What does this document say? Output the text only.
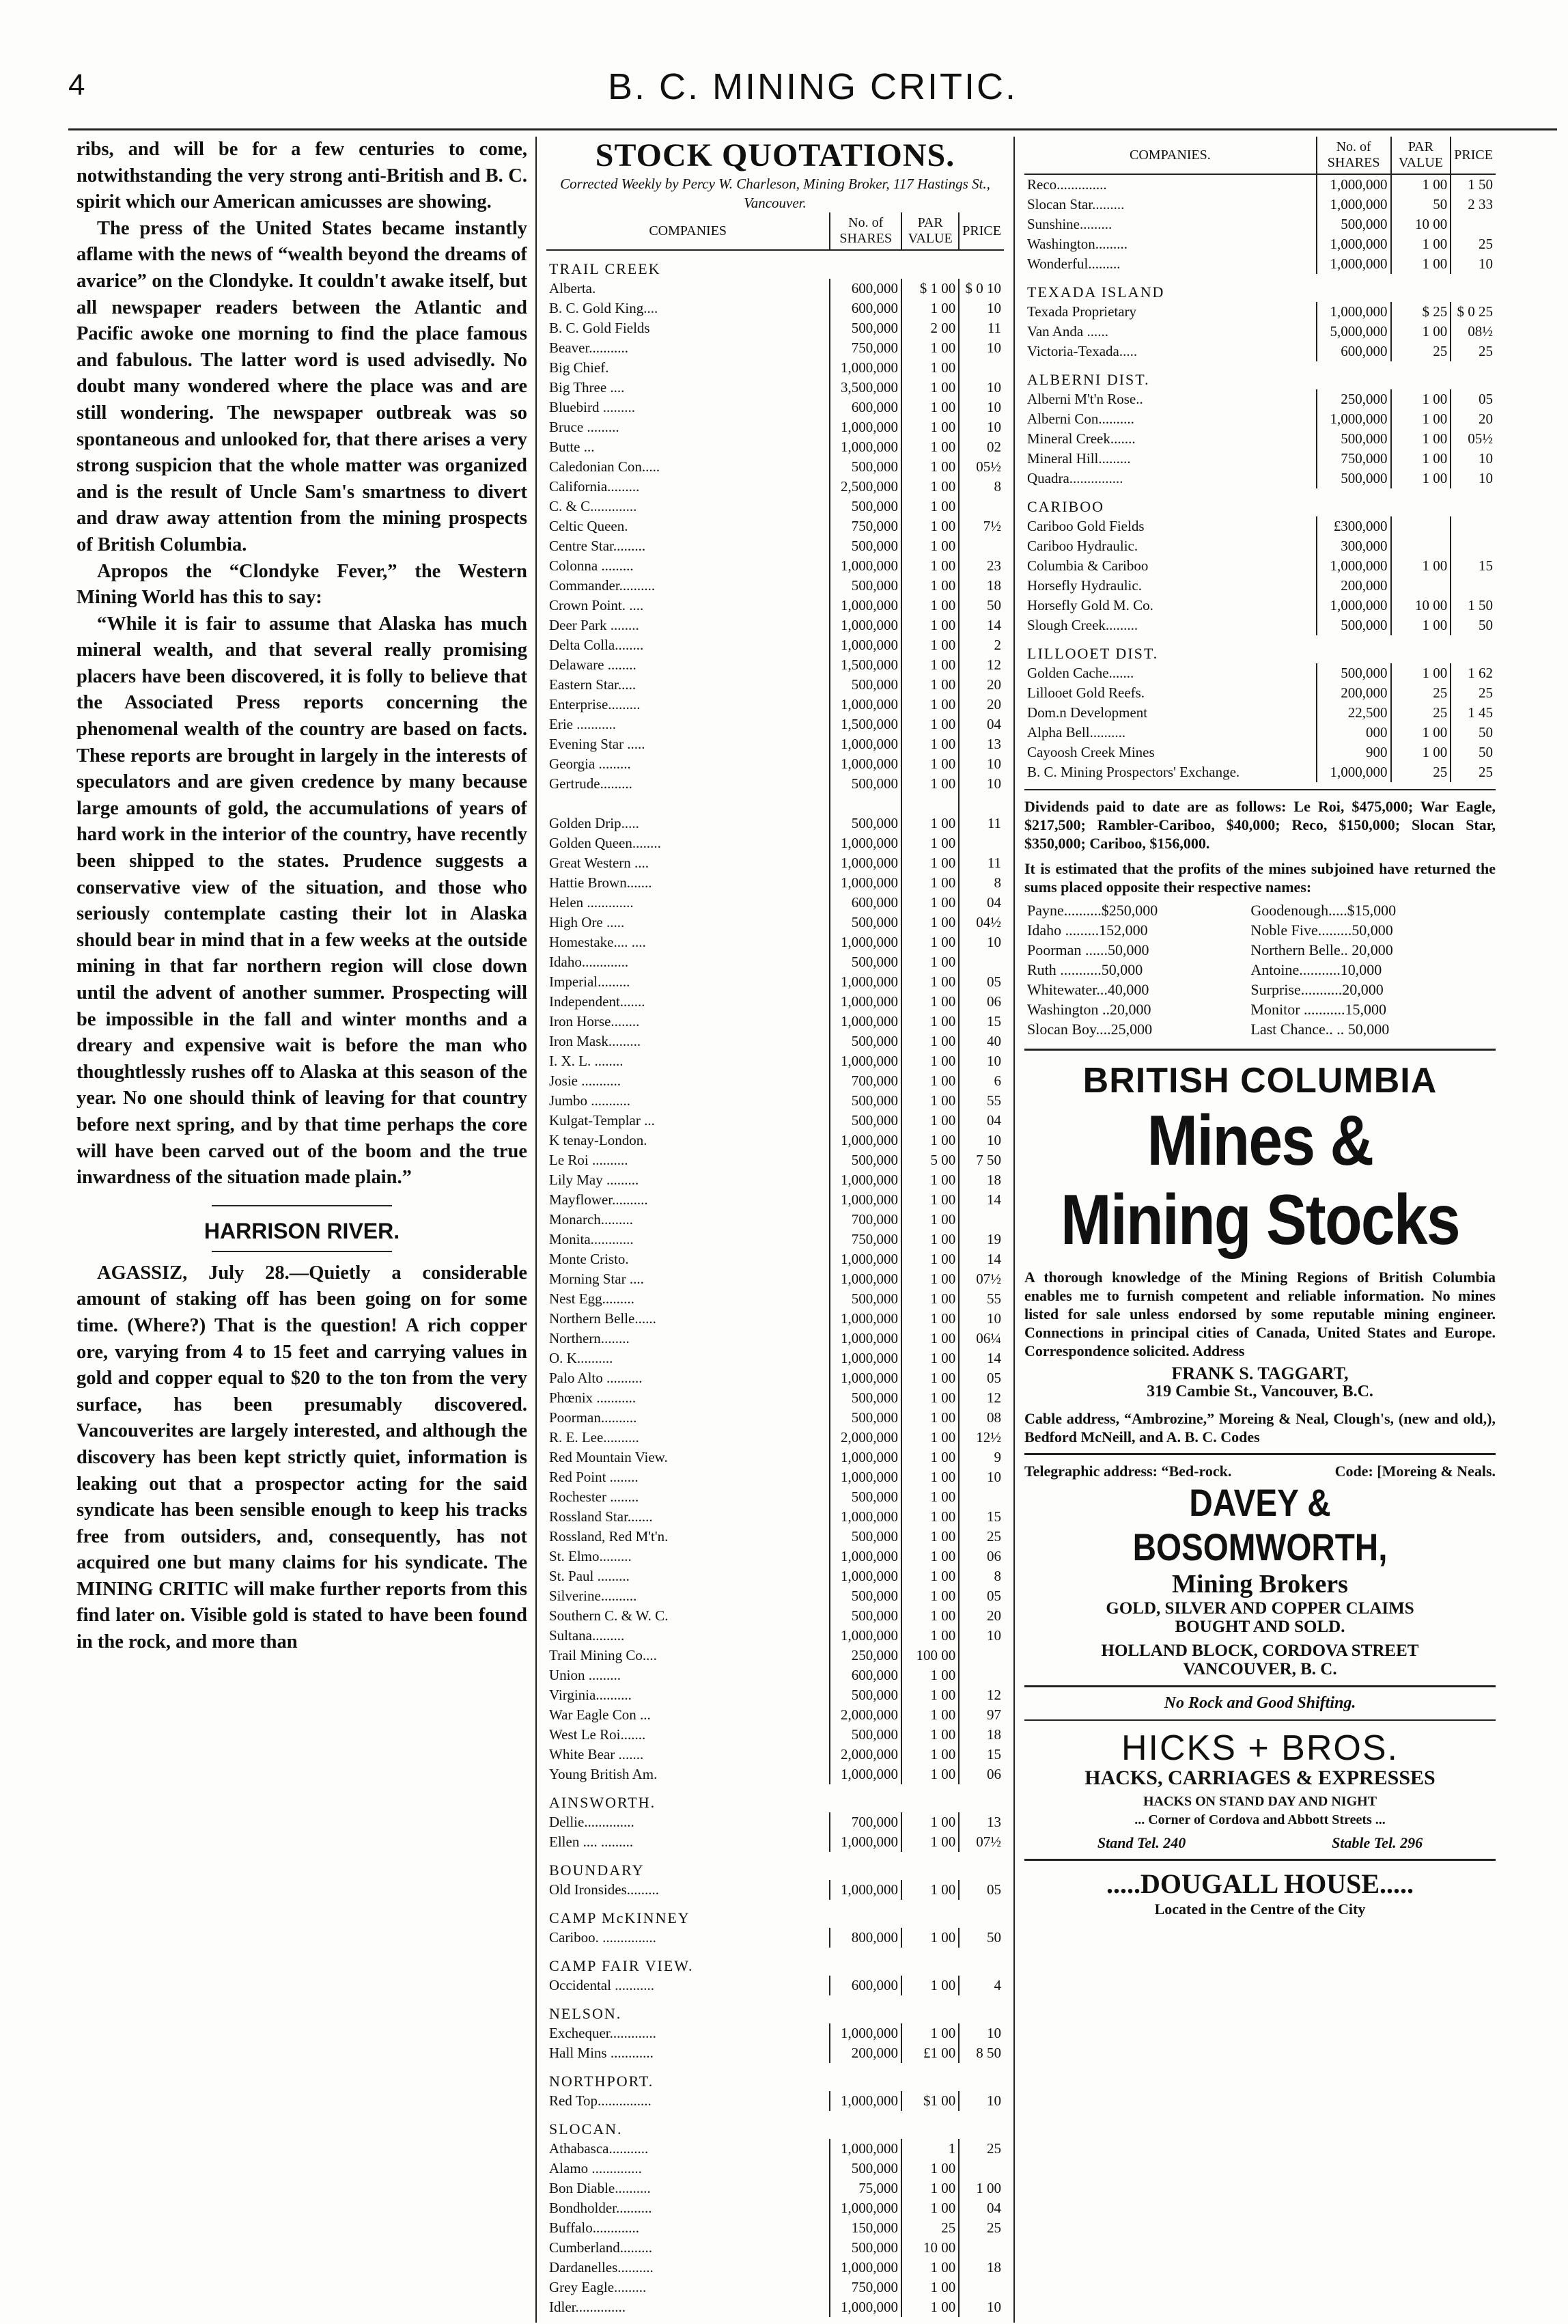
4	B. C. MINING CRITIC.

ribs, and will be for a few centuries to come, notwithstanding the very strong anti-British and B. C. spirit which our American amicusses are showing.

The press of the United States became instantly aflame with the news of “wealth beyond the dreams of avarice” on the Clondyke. It couldn't awake itself, but all newspaper readers between the Atlantic and Pacific awoke one morning to find the place famous and fabulous. The latter word is used advisedly. No doubt many wondered where the place was and are still wondering. The newspaper outbreak was so spontaneous and unlooked for, that there arises a very strong suspicion that the whole matter was organized and is the result of Uncle Sam's smartness to divert and draw away attention from the mining prospects of British Columbia.

Apropos the “Clondyke Fever,” the Western Mining World has this to say:

“While it is fair to assume that Alaska has much mineral wealth, and that several really promising placers have been discovered, it is folly to believe that the Associated Press reports concerning the phenomenal wealth of the country are based on facts. These reports are brought in largely in the interests of speculators and are given credence by many because large amounts of gold, the accumulations of years of hard work in the interior of the country, have recently been shipped to the states. Prudence suggests a conservative view of the situation, and those who seriously contemplate casting their lot in Alaska should bear in mind that in a few weeks at the outside mining in that far northern region will close down until the advent of another summer. Prospecting will be impossible in the fall and winter months and a dreary and expensive wait is before the man who thoughtlessly rushes off to Alaska at this season of the year. No one should think of leaving for that country before next spring, and by that time perhaps the core will have been carved out of the boom and the true inwardness of the situation made plain.”

HARRISON RIVER.

AGASSIZ, July 28.—Quietly a considerable amount of staking off has been going on for some time. (Where?) That is the question! A rich copper ore, varying from 4 to 15 feet and carrying values in gold and copper equal to $20 to the ton from the very surface, has been presumably discovered. Vancouverites are largely interested, and although the discovery has been kept strictly quiet, information is leaking out that a prospector acting for the said syndicate has been sensible enough to keep his tracks free from outsiders, and, consequently, has not acquired one but many claims for his syndicate. The MINING CRITIC will make further reports from this find later on. Visible gold is stated to have been found in the rock, and more than

STOCK QUOTATIONS.
Corrected Weekly by Percy W. Charleson, Mining Broker, 117 Hastings St., Vancouver.
COMPANIES	No. of SHARES	PAR VALUE	PRICE
TRAIL CREEK			
Alberta.	600,000	$ 1 00	$ 0 10
B. C. Gold King....	600,000	1 00	10
B. C. Gold Fields	500,000	2 00	11
Beaver...........	750,000	1 00	10
Big Chief.	1,000,000	1 00	
Big Three ....	3,500,000	1 00	10
Bluebird .........	600,000	1 00	10
Bruce .........	1,000,000	1 00	10
Butte ...	1,000,000	1 00	02
Caledonian Con.....	500,000	1 00	05½
California.........	2,500,000	1 00	8
C. & C.............	500,000	1 00	
Celtic Queen.	750,000	1 00	7½
Centre Star.........	500,000	1 00	
Colonna .........	1,000,000	1 00	23
Commander..........	500,000	1 00	18
Crown Point. ....	1,000,000	1 00	50
Deer Park ........	1,000,000	1 00	14
Delta Colla........	1,000,000	1 00	2
Delaware ........	1,500,000	1 00	12
Eastern Star.....	500,000	1 00	20
Enterprise.........	1,000,000	1 00	20
Erie ...........	1,500,000	1 00	04
Evening Star .....	1,000,000	1 00	13
Georgia .........	1,000,000	1 00	10
Gertrude.........	500,000	1 00	10

Golden Drip.....	500,000	1 00	11
Golden Queen........	1,000,000	1 00	
Great Western ....	1,000,000	1 00	11
Hattie Brown.......	1,000,000	1 00	8
Helen .............	600,000	1 00	04
High Ore .....	500,000	1 00	04½
Homestake.... ....	1,000,000	1 00	10
Idaho.............	500,000	1 00	
Imperial.........	1,000,000	1 00	05
Independent.......	1,000,000	1 00	06
Iron Horse........	1,000,000	1 00	15
Iron Mask.........	500,000	1 00	40
I. X. L. ........	1,000,000	1 00	10
Josie ...........	700,000	1 00	6
Jumbo ...........	500,000	1 00	55
Kulgat-Templar ...	500,000	1 00	04
K tenay-London.	1,000,000	1 00	10
Le Roi ..........	500,000	5 00	7 50
Lily May .........	1,000,000	1 00	18
Mayflower..........	1,000,000	1 00	14
Monarch.........	700,000	1 00	
Monita............	750,000	1 00	19
Monte Cristo.	1,000,000	1 00	14
Morning Star ....	1,000,000	1 00	07½
Nest Egg.........	500,000	1 00	55
Northern Belle......	1,000,000	1 00	10
Northern........	1,000,000	1 00	06¼
O. K..........	1,000,000	1 00	14
Palo Alto ..........	1,000,000	1 00	05
Phœnix ...........	500,000	1 00	12
Poorman..........	500,000	1 00	08
R. E. Lee..........	2,000,000	1 00	12½
Red Mountain View.	1,000,000	1 00	9
Red Point ........	1,000,000	1 00	10
Rochester ........	500,000	1 00	
Rossland Star.......	1,000,000	1 00	15
Rossland, Red M't'n.	500,000	1 00	25
St. Elmo.........	1,000,000	1 00	06
St. Paul .........	1,000,000	1 00	8
Silverine..........	500,000	1 00	05
Southern C. & W. C.	500,000	1 00	20
Sultana.........	1,000,000	1 00	10
Trail Mining Co....	250,000	100 00	
Union .........	600,000	1 00	
Virginia..........	500,000	1 00	12
War Eagle Con ...	2,000,000	1 00	97
West Le Roi.......	500,000	1 00	18
White Bear .......	2,000,000	1 00	15
Young British Am.	1,000,000	1 00	06
AINSWORTH.			
Dellie..............	700,000	1 00	13
Ellen .... .........	1,000,000	1 00	07½
BOUNDARY			
Old Ironsides.........	1,000,000	1 00	05
CAMP McKINNEY			
Cariboo. ...............	800,000	1 00	50
CAMP FAIR VIEW.			
Occidental ...........	600,000	1 00	4
NELSON.			
Exchequer.............	1,000,000	1 00	10
Hall Mins ............	200,000	£1 00	8 50
NORTHPORT.			
Red Top...............	1,000,000	$1 00	10
SLOCAN.			
Athabasca...........	1,000,000	1	25
Alamo ..............	500,000	1 00	
Bon Diable..........	75,000	1 00	1 00
Bondholder..........	1,000,000	1 00	04
Buffalo.............	150,000	25	25
Cumberland.........	500,000	10 00	
Dardanelles..........	1,000,000	1 00	18
Grey Eagle.........	750,000	1 00	
Idler..............	1,000,000	1 00	10
COMPANIES.	No. of SHARES	PAR VALUE	PRICE
Reco..............	1,000,000	1 00	1 50
Slocan Star.........	1,000,000	50	2 33
Sunshine.........	500,000	10 00	
Washington.........	1,000,000	1 00	25
Wonderful.........	1,000,000	1 00	10
TEXADA ISLAND			
Texada Proprietary	1,000,000	$ 25	$ 0 25
Van Anda ......	5,000,000	1 00	08½
Victoria-Texada.....	600,000	25	25
ALBERNI DIST.			
Alberni M't'n Rose..	250,000	1 00	05
Alberni Con..........	1,000,000	1 00	20
Mineral Creek.......	500,000	1 00	05½
Mineral Hill.........	750,000	1 00	10
Quadra...............	500,000	1 00	10
CARIBOO			
Cariboo Gold Fields	£300,000		
Cariboo Hydraulic.	300,000		
Columbia & Cariboo	1,000,000	1 00	15
Horsefly Hydraulic.	200,000		
Horsefly Gold M. Co.	1,000,000	10 00	1 50
Slough Creek.........	500,000	1 00	50
LILLOOET DIST.			
Golden Cache.......	500,000	1 00	1 62
Lillooet Gold Reefs.	200,000	25	25
Dom.n Development	22,500	25	1 45
Alpha Bell..........	000	1 00	50
Cayoosh Creek Mines	900	1 00	50
B. C. Mining Prospectors' Exchange.	1,000,000	25	25

Dividends paid to date are as follows: Le Roi, $475,000; War Eagle, $217,500; Rambler-Cariboo, $40,000; Reco, $150,000; Slocan Star, $350,000; Cariboo, $156,000.

It is estimated that the profits of the mines subjoined have returned the sums placed opposite their respective names:

Payne..........$250,000	Goodenough.....$15,000
Idaho .........152,000	Noble Five.........50,000
Poorman ......50,000	Northern Belle.. 20,000
Ruth ...........50,000	Antoine...........10,000
Whitewater...40,000	Surprise...........20,000
Washington ..20,000	Monitor ...........15,000
Slocan Boy....25,000	Last Chance.. .. 50,000
BRITISH COLUMBIA
Mines & Mining Stocks

A thorough knowledge of the Mining Regions of British Columbia enables me to furnish competent and reliable information. No mines listed for sale unless endorsed by some reputable mining engineer. Connections in principal cities of Canada, United States and Europe. Correspondence solicited. Address

FRANK S. TAGGART,
319 Cambie St., Vancouver, B.C.

Cable address, “Ambrozine,” Moreing & Neal, Clough's, (new and old,), Bedford McNeill, and A. B. C. Codes

Telegraphic address: “Bed-rock.	Code: [Moreing & Neals.
DAVEY & BOSOMWORTH,
Mining Brokers
GOLD, SILVER AND COPPER CLAIMS
BOUGHT AND SOLD.
HOLLAND BLOCK, CORDOVA STREET
VANCOUVER, B. C.
No Rock and Good Shifting.
HICKS + BROS.
HACKS, CARRIAGES & EXPRESSES
HACKS ON STAND DAY AND NIGHT
... Corner of Cordova and Abbott Streets ...
Stand Tel. 240	Stable Tel. 296
.....DOUGALL HOUSE.....
Located in the Centre of the City
